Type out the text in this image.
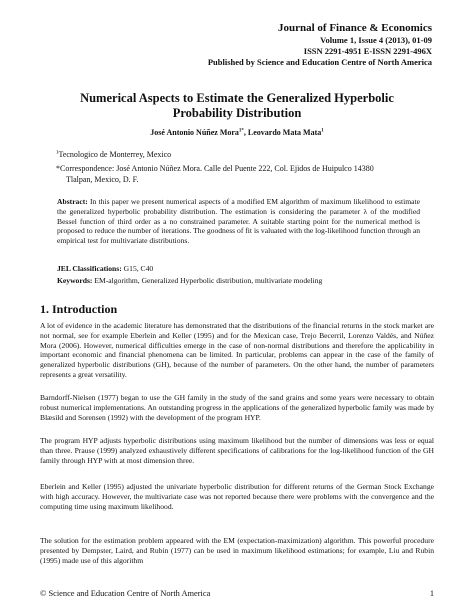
Journal of Finance & Economics
Volume 1, Issue 4 (2013), 01-09
ISSN 2291-4951 E-ISSN 2291-496X
Published by Science and Education Centre of North America
Numerical Aspects to Estimate the Generalized Hyperbolic
Probability Distribution
José Antonio Núñez Mora$^{1*}$, Leovardo Mata Mata$^1$
$^1$Tecnologico de Monterrey, Mexico
*Correspondence: José Antonio Núñez Mora. Calle del Puente 222, Col. Ejidos de Huipulco 14380
Tlalpan, Mexico, D. F.
Abstract: In this paper we present numerical aspects of a modified EM algorithm of maximum likelihood to estimate the generalized hyperbolic probability distribution. The estimation is considering the parameter λ of the modified Bessel function of third order as a no constrained parameter. A suitable starting point for the numerical method is proposed to reduce the number of iterations. The goodness of fit is valuated with the log-likelihood function through an empirical test for multivariate distributions.
JEL Classifications: G15, C40
Keywords: EM-algorithm, Generalized Hyperbolic distribution, multivariate modeling
1. Introduction
A lot of evidence in the academic literature has demonstrated that the distributions of the financial returns in the stock market are not normal, see for example Eberlein and Keller (1995) and for the Mexican case, Trejo Becerril, Lorenzo Valdés, and Núñez Mora (2006). However, numerical difficulties emerge in the case of non-normal distributions and therefore the applicability in important economic and financial phenomena can be limited. In particular, problems can appear in the case of the family of generalized hyperbolic distributions (GH), because of the number of parameters. On the other hand, the number of parameters represents a great versatility.
Barndorff-Nielsen (1977) began to use the GH family in the study of the sand grains and some years were necessary to obtain robust numerical implementations. An outstanding progress in the applications of the generalized hyperbolic family was made by Blæsild and Sorensen (1992) with the development of the program HYP.
The program HYP adjusts hyperbolic distributions using maximum likelihood but the number of dimensions was less or equal than three. Prause (1999) analyzed exhaustively different specifications of calibrations for the log-likelihood function of the GH family through HYP with at most dimension three.
Eberlein and Keller (1995) adjusted the univariate hyperbolic distribution for different returns of the German Stock Exchange with high accuracy. However, the multivariate case was not reported because there were problems with the convergence and the computing time using maximum likelihood.
The solution for the estimation problem appeared with the EM (expectation-maximization) algorithm. This powerful procedure presented by Dempster, Laird, and Rubin (1977) can be used in maximum likelihood estimations; for example, Liu and Rubin (1995) made use of this algorithm
© Science and Education Centre of North America	1
